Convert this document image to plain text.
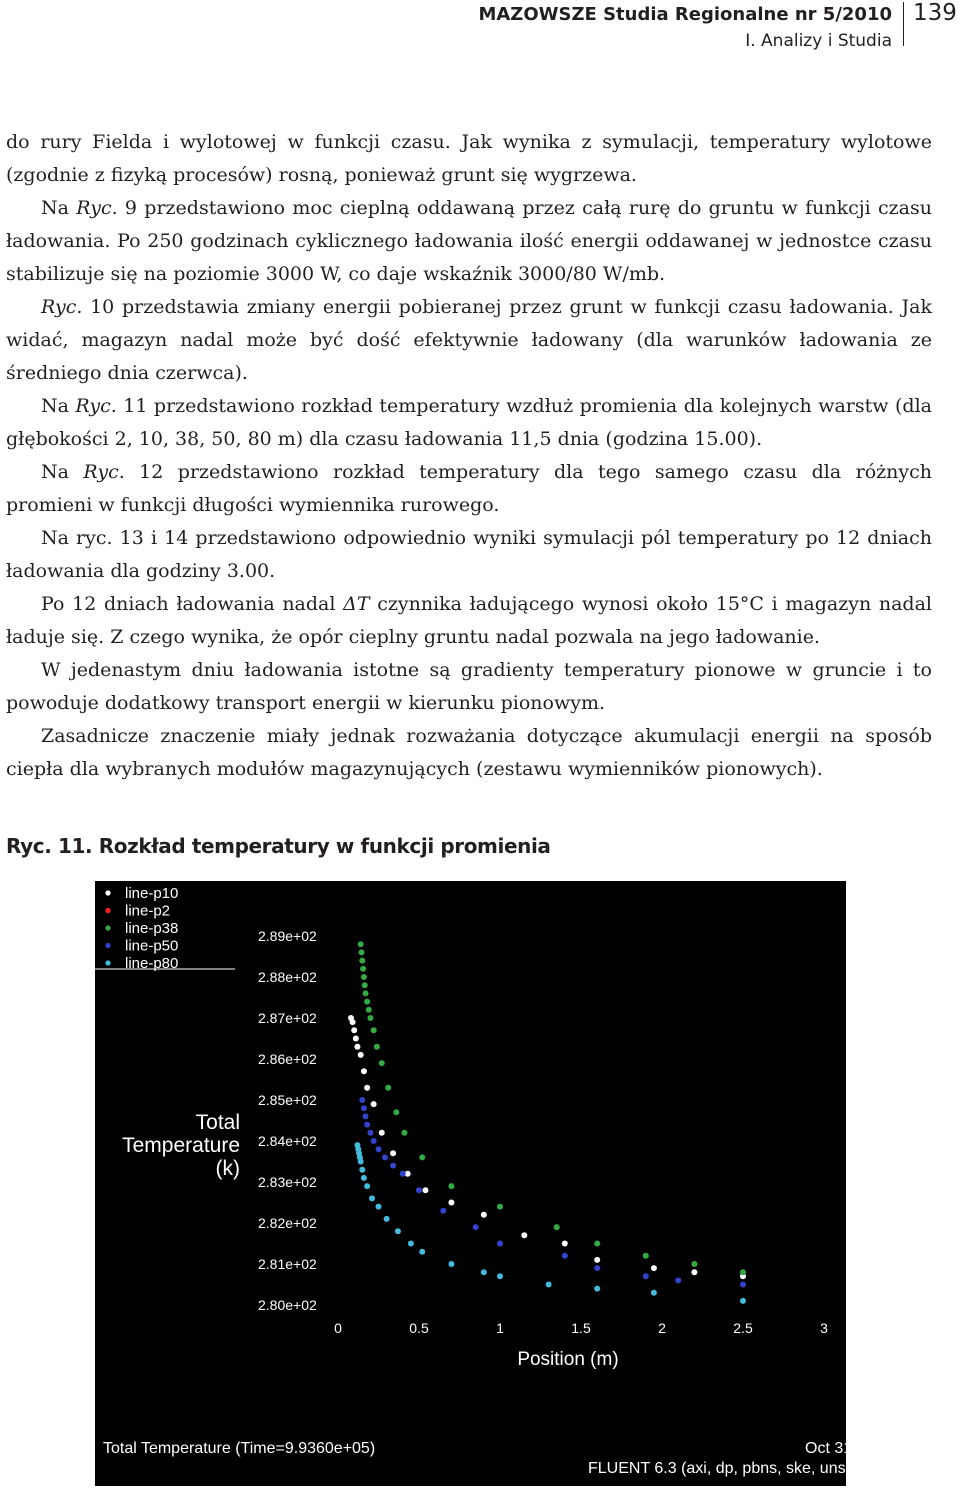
MAZOWSZE Studia Regionalne nr 5/2010
I. Analizy i Studia
139

do rury Fielda i wylotowej w funkcji czasu. Jak wynika z symulacji, temperatury wylotowe (zgodnie z fizyką procesów) rosną, ponieważ grunt się wygrzewa.

Na Ryc. 9 przedstawiono moc cieplną oddawaną przez całą rurę do gruntu w funkcji czasu ładowania. Po 250 godzinach cyklicznego ładowania ilość energii oddawanej w jednostce czasu stabilizuje się na poziomie 3000 W, co daje wskaźnik 3000/80 W/mb.

Ryc. 10 przedstawia zmiany energii pobieranej przez grunt w funkcji czasu ładowania. Jak widać, magazyn nadal może być dość efektywnie ładowany (dla warunków ładowania ze średniego dnia czerwca).

Na Ryc. 11 przedstawiono rozkład temperatury wzdłuż promienia dla kolejnych warstw (dla głębokości 2, 10, 38, 50, 80 m) dla czasu ładowania 11,5 dnia (godzina 15.00).

Na Ryc. 12 przedstawiono rozkład temperatury dla tego samego czasu dla różnych promieni w funkcji długości wymiennika rurowego.

Na ryc. 13 i 14 przedstawiono odpowiednio wyniki symulacji pól temperatury po 12 dniach ładowania dla godziny 3.00.

Po 12 dniach ładowania nadal ΔT czynnika ładującego wynosi około 15°C i magazyn nadal ładuje się. Z czego wynika, że opór cieplny gruntu nadal pozwala na jego ładowanie.

W jedenastym dniu ładowania istotne są gradienty temperatury pionowe w gruncie i to powoduje dodatkowy transport energii w kierunku pionowym.

Zasadnicze znaczenie miały jednak rozważania dotyczące akumulacji energii na sposób ciepła dla wybranych modułów magazynujących (zestawu wymienników pionowych).

Ryc. 11. Rozkład temperatury w funkcji promienia

line-p10
line-p2
line-p38
line-p50
line-p80
Total
Temperature
(k)
2.89e+02
2.88e+02
2.87e+02
2.86e+02
2.85e+02
2.84e+02
2.83e+02
2.82e+02
2.81e+02
2.80e+02
0	0.5	1	1.5	2	2.5	3
Position (m)
Total Temperature (Time=9.9360e+05)	Oct 31
FLUENT 6.3 (axi, dp, pbns, ske, uns
